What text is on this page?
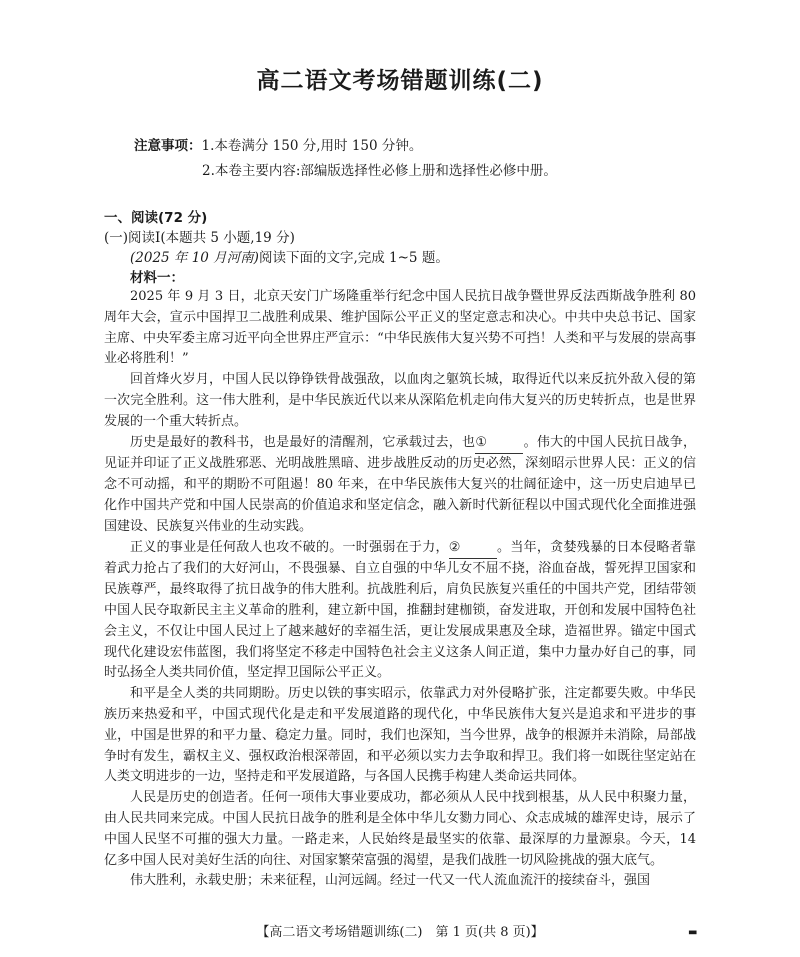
高二语文考场错题训练(二)
注意事项：1.本卷满分 150 分,用时 150 分钟。
2.本卷主要内容:部编版选择性必修上册和选择性必修中册。
一、阅读(72 分)
(一)阅读Ⅰ(本题共 5 小题,19 分)
(2025 年 10 月河南)阅读下面的文字,完成 1~5 题。
材料一：

2025 年 9 月 3 日，北京天安门广场隆重举行纪念中国人民抗日战争暨世界反法西斯战争胜利 80 周年大会，宣示中国捍卫二战胜利成果、维护国际公平正义的坚定意志和决心。中共中央总书记、国家主席、中央军委主席习近平向全世界庄严宣示：“中华民族伟大复兴势不可挡！人类和平与发展的崇高事业必将胜利！”

回首烽火岁月，中国人民以铮铮铁骨战强敌，以血肉之躯筑长城，取得近代以来反抗外敌入侵的第一次完全胜利。这一伟大胜利，是中华民族近代以来从深陷危机走向伟大复兴的历史转折点，也是世界发展的一个重大转折点。

历史是最好的教科书，也是最好的清醒剂，它承载过去，也①	。伟大的中国人民抗日战争，见证并印证了正义战胜邪恶、光明战胜黑暗、进步战胜反动的历史必然，深刻昭示世界人民：正义的信念不可动摇，和平的期盼不可阻遏！80 年来，在中华民族伟大复兴的壮阔征途中，这一历史启迪早已化作中国共产党和中国人民崇高的价值追求和坚定信念，融入新时代新征程以中国式现代化全面推进强国建设、民族复兴伟业的生动实践。

正义的事业是任何敌人也攻不破的。一时强弱在于力，②	。当年，贪婪残暴的日本侵略者靠着武力抢占了我们的大好河山，不畏强暴、自立自强的中华儿女不屈不挠，浴血奋战，誓死捍卫国家和民族尊严，最终取得了抗日战争的伟大胜利。抗战胜利后，肩负民族复兴重任的中国共产党，团结带领中国人民夺取新民主主义革命的胜利，建立新中国，推翻封建枷锁，奋发进取，开创和发展中国特色社会主义，不仅让中国人民过上了越来越好的幸福生活，更让发展成果惠及全球，造福世界。锚定中国式现代化建设宏伟蓝图，我们将坚定不移走中国特色社会主义这条人间正道，集中力量办好自己的事，同时弘扬全人类共同价值，坚定捍卫国际公平正义。

和平是全人类的共同期盼。历史以铁的事实昭示，依靠武力对外侵略扩张，注定都要失败。中华民族历来热爱和平，中国式现代化是走和平发展道路的现代化，中华民族伟大复兴是追求和平进步的事业，中国是世界的和平力量、稳定力量。同时，我们也深知，当今世界，战争的根源并未消除，局部战争时有发生，霸权主义、强权政治根深蒂固，和平必须以实力去争取和捍卫。我们将一如既往坚定站在人类文明进步的一边，坚持走和平发展道路，与各国人民携手构建人类命运共同体。

人民是历史的创造者。任何一项伟大事业要成功，都必须从人民中找到根基，从人民中积聚力量，由人民共同来完成。中国人民抗日战争的胜利是全体中华儿女勠力同心、众志成城的雄浑史诗，展示了中国人民坚不可摧的强大力量。一路走来，人民始终是最坚实的依靠、最深厚的力量源泉。今天，14 亿多中国人民对美好生活的向往、对国家繁荣富强的渴望，是我们战胜一切风险挑战的强大底气。

伟大胜利，永载史册；未来征程，山河远阔。经过一代又一代人流血流汗的接续奋斗，强国

【高二语文考场错题训练(二)　第 1 页(共 8 页)】	▬
